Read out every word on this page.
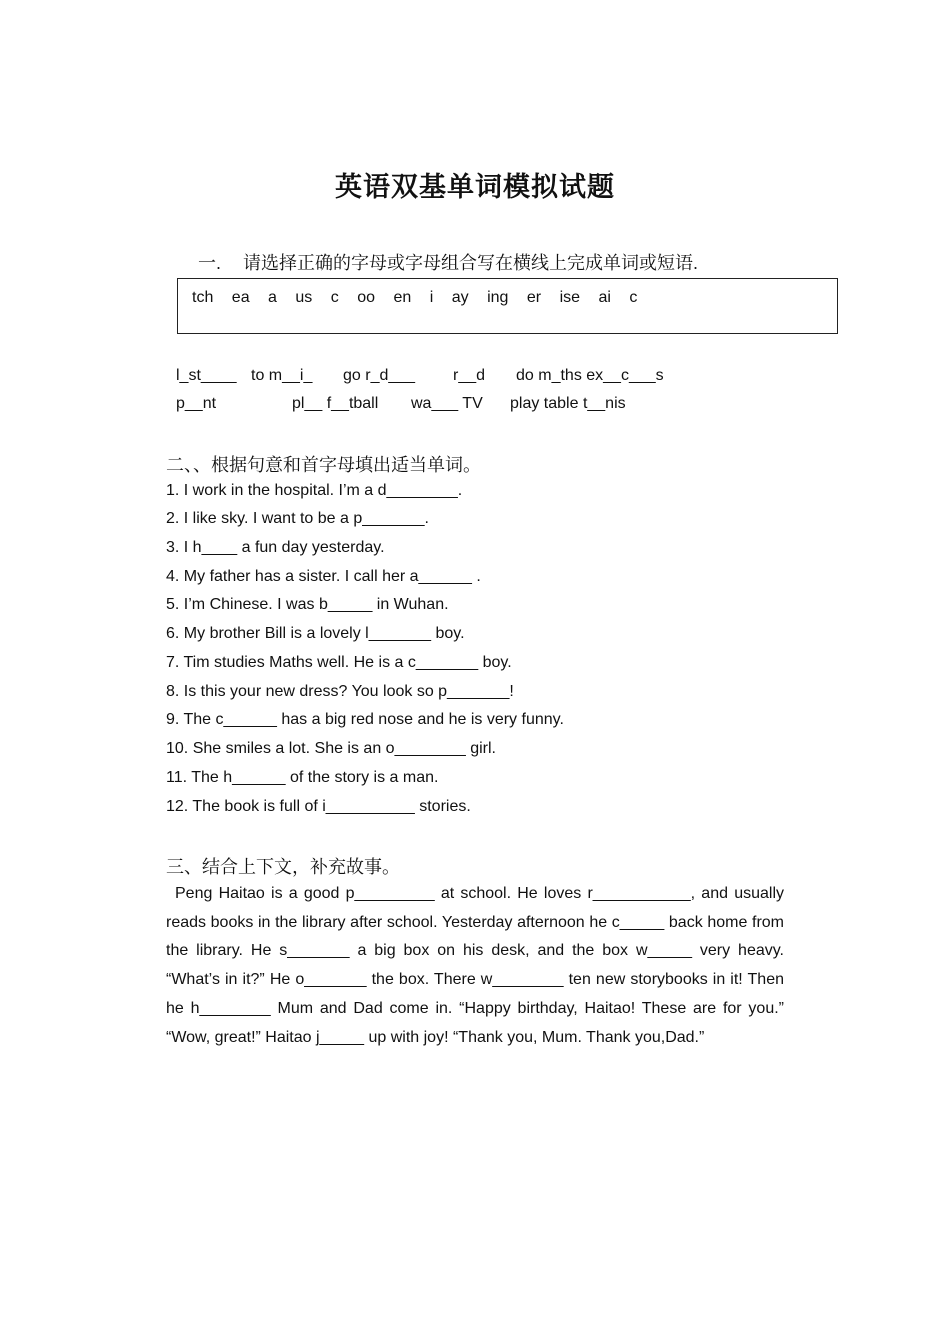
英语双基单词模拟试题
一. 请选择正确的字母或字母组合写在横线上完成单词或短语.
tch ea a us c oo en i ay ing er ise ai c
l_st____ to m__i_ go r_d___ r__d do m_ths ex__c___s
p__nt	pl__ f__tball wa___ TV play table t__nis
二、、根据句意和首字母填出适当单词。
1. I work in the hospital. I’m a d________.
2. I like sky. I want to be a p_______.
3. I h____ a fun day yesterday.
4. My father has a sister. I call her a______ .
5. I’m Chinese. I was b_____ in Wuhan.
6. My brother Bill is a lovely l_______ boy.
7. Tim studies Maths well. He is a c_______ boy.
8. Is this your new dress? You look so p_______!
9. The c______ has a big red nose and he is very funny.
10. She smiles a lot. She is an o________ girl.
11. The h______ of the story is a man.
12. The book is full of i__________ stories.
三、结合上下文，补充故事。
Peng Haitao is a good p_________ at school. He loves r___________, and usually reads books in the library after school. Yesterday afternoon he c_____ back home from the library. He s_______ a big box on his desk, and the box w_____ very heavy. “What’s in it?” He o_______ the box. There w________ ten new storybooks in it! Then he h________ Mum and Dad come in. “Happy birthday, Haitao! These are for you.” “Wow, great!” Haitao j_____ up with joy! “Thank you, Mum. Thank you,Dad.”
